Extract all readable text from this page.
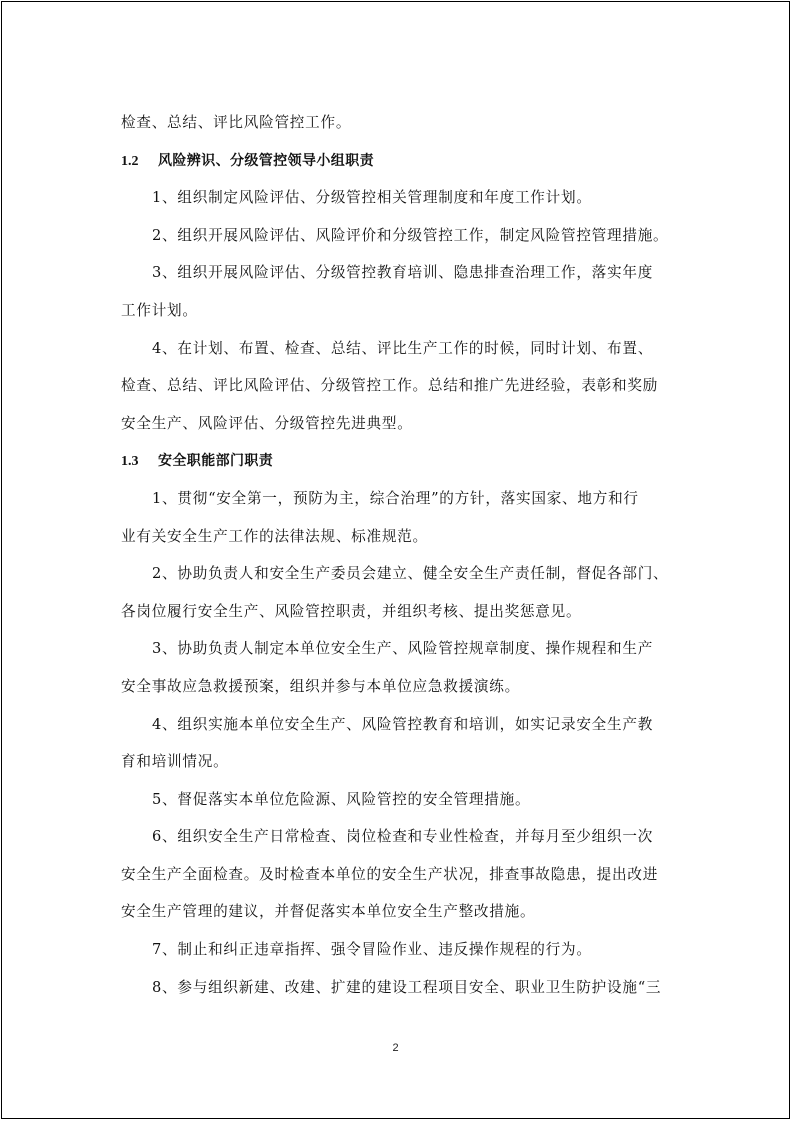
检查、总结、评比风险管控工作。
1.2 风险辨识、分级管控领导小组职责
1、组织制定风险评估、分级管控相关管理制度和年度工作计划。
2、组织开展风险评估、风险评价和分级管控工作，制定风险管控管理措施。
3、组织开展风险评估、分级管控教育培训、隐患排查治理工作，落实年度
工作计划。
4、在计划、布置、检查、总结、评比生产工作的时候，同时计划、布置、
检查、总结、评比风险评估、分级管控工作。总结和推广先进经验，表彰和奖励
安全生产、风险评估、分级管控先进典型。
1.3 安全职能部门职责
1、贯彻“安全第一，预防为主，综合治理”的方针，落实国家、地方和行
业有关安全生产工作的法律法规、标准规范。
2、协助负责人和安全生产委员会建立、健全安全生产责任制，督促各部门、
各岗位履行安全生产、风险管控职责，并组织考核、提出奖惩意见。
3、协助负责人制定本单位安全生产、风险管控规章制度、操作规程和生产
安全事故应急救援预案，组织并参与本单位应急救援演练。
4、组织实施本单位安全生产、风险管控教育和培训，如实记录安全生产教
育和培训情况。
5、督促落实本单位危险源、风险管控的安全管理措施。
6、组织安全生产日常检查、岗位检查和专业性检查，并每月至少组织一次
安全生产全面检查。及时检查本单位的安全生产状况，排查事故隐患，提出改进
安全生产管理的建议，并督促落实本单位安全生产整改措施。
7、制止和纠正违章指挥、强令冒险作业、违反操作规程的行为。
8、参与组织新建、改建、扩建的建设工程项目安全、职业卫生防护设施“三
2
